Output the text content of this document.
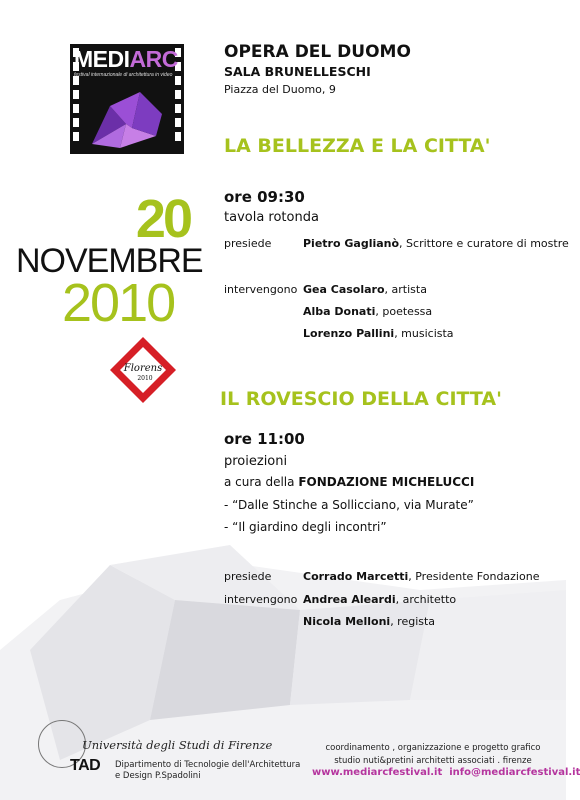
MEDIARC
festival internazionale di architettura in video
OPERA DEL DUOMO
SALA BRUNELLESCHI
Piazza del Duomo, 9
LA BELLEZZA E LA CITTA'
ore 09:30
tavola rotonda
presiede	Pietro Gaglianò, Scrittore e curatore di mostre
intervengono Gea Casolaro, artista
Alba Donati, poetessa
Lorenzo Pallini, musicista
20
NOVEMBRE
2010
Florens
2010
IL ROVESCIO DELLA CITTA'
ore 11:00
proiezioni
a cura della FONDAZIONE MICHELUCCI
- “Dalle Stinche a Sollicciano, via Murate”
- “Il giardino degli incontri”
presiede	Corrado Marcetti, Presidente Fondazione
intervengono Andrea Aleardi, architetto
Nicola Melloni, regista
Università degli Studi di Firenze
TAD Dipartimento di Tecnologie dell'Architettura
e Design P.Spadolini
coordinamento , organizzazione e progetto grafico
studio nuti&pretini architetti associati . firenze
www.mediarcfestival.it info@mediarcfestival.it
